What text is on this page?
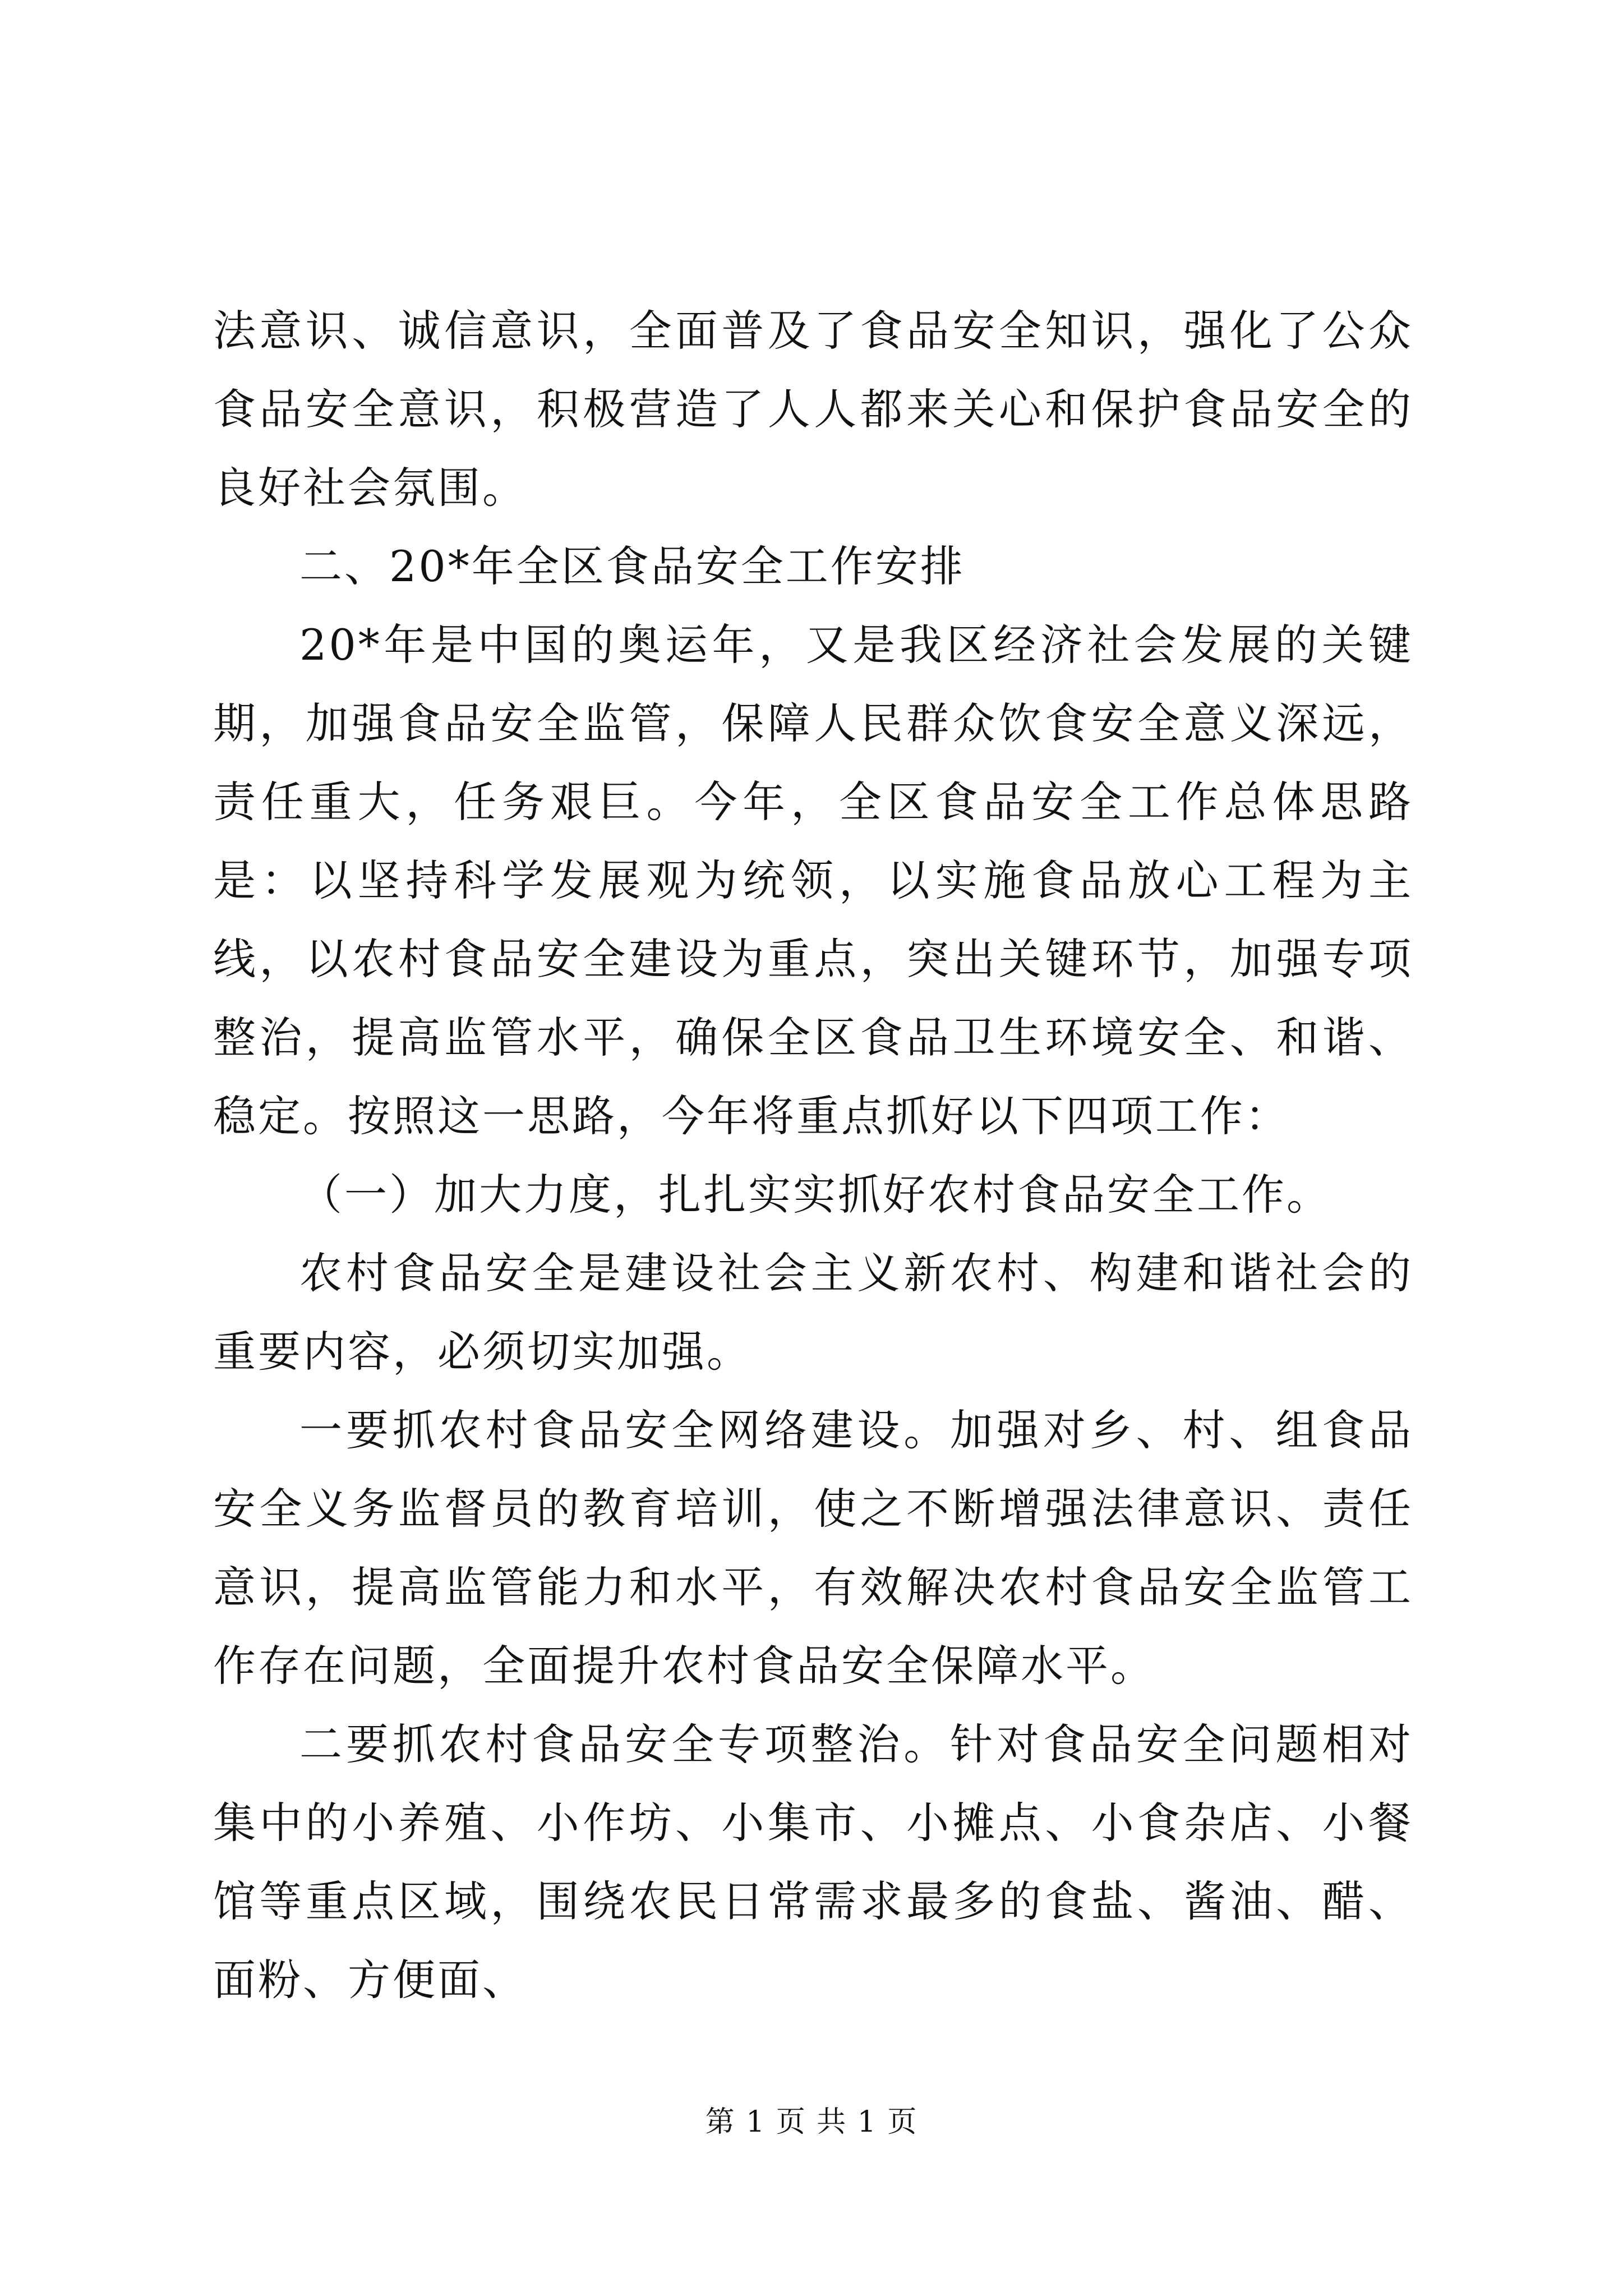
法意识、诚信意识，全面普及了食品安全知识，强化了公众食品安全意识，积极营造了人人都来关心和保护食品安全的良好社会氛围。

二、20*年全区食品安全工作安排

20*年是中国的奥运年，又是我区经济社会发展的关键期，加强食品安全监管，保障人民群众饮食安全意义深远，责任重大，任务艰巨。今年，全区食品安全工作总体思路是：以坚持科学发展观为统领，以实施食品放心工程为主线，以农村食品安全建设为重点，突出关键环节，加强专项整治，提高监管水平，确保全区食品卫生环境安全、和谐、稳定。按照这一思路，今年将重点抓好以下四项工作：

（一）加大力度，扎扎实实抓好农村食品安全工作。

农村食品安全是建设社会主义新农村、构建和谐社会的重要内容，必须切实加强。

一要抓农村食品安全网络建设。加强对乡、村、组食品安全义务监督员的教育培训，使之不断增强法律意识、责任意识，提高监管能力和水平，有效解决农村食品安全监管工作存在问题，全面提升农村食品安全保障水平。

二要抓农村食品安全专项整治。针对食品安全问题相对集中的小养殖、小作坊、小集市、小摊点、小食杂店、小餐馆等重点区域，围绕农民日常需求最多的食盐、酱油、醋、面粉、方便面、

第 1 页 共 1 页
